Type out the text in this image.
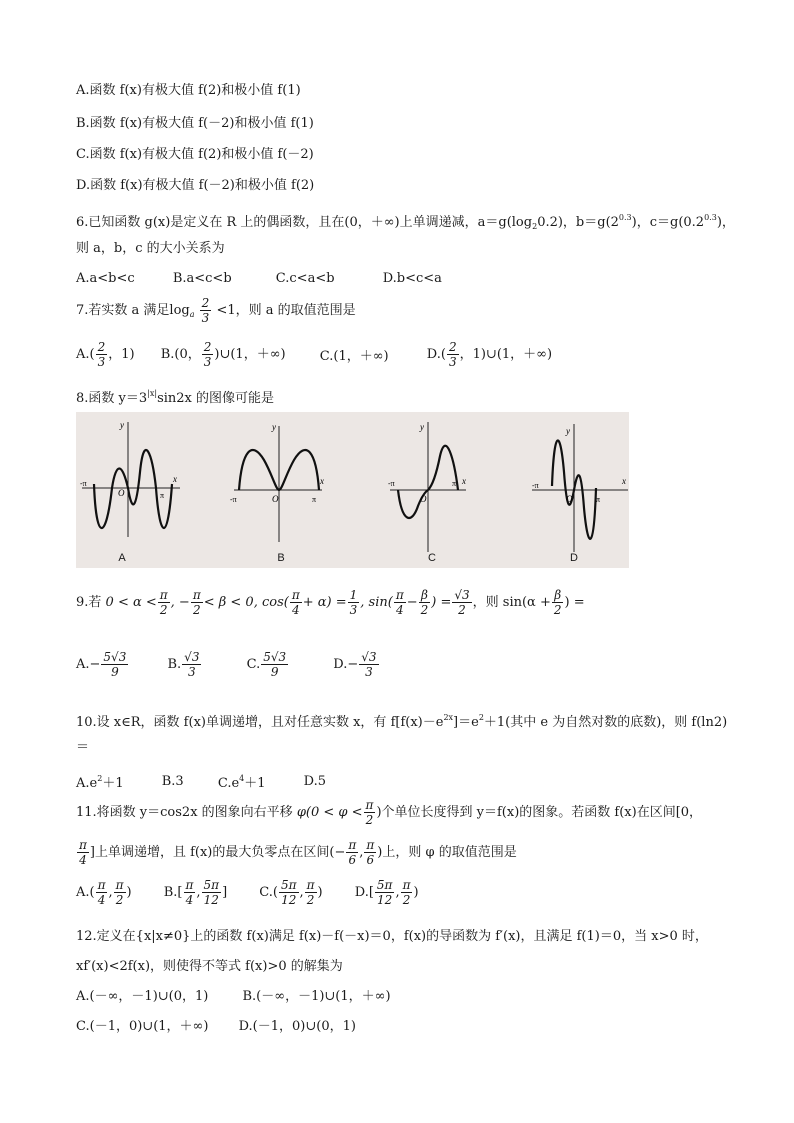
A.函数 f(x)有极大值 f(2)和极小值 f(1)
B.函数 f(x)有极大值 f(－2)和极小值 f(1)
C.函数 f(x)有极大值 f(2)和极小值 f(－2)
D.函数 f(x)有极大值 f(－2)和极小值 f(2)
6.已知函数 g(x)是定义在 R 上的偶函数，且在(0，＋∞)上单调递减，$a=g(\log_20.2)$，$b=g(2^{0.3})$，$c=g(0.2^{0.3})$，
则 a，b，c 的大小关系为
A.a<b<c	B.a<c<b	C.c<a<b	D.b<c<a
7.若实数 a 满足$\log_a \frac{2}{3} <1$，则 a 的取值范围是
$A.( \frac{2}{3}$ ，1) B.(0， $\frac{2}{3}$ )∪(1，＋∞)	C.(1，＋∞)	$D.( \frac{2}{3}$ ，1)∪(1，＋∞)
8.函数 $y=3^{|x|}\sin 2x$ 的图像可能是
x
y
O
-π
π
A
x
y
O
-π	π
B
x
y
O
-π	π
C
x
y
O
-π
π
D
9.若 $0 < \alpha < \frac{\pi}{2}$ , − $\frac{\pi}{2} < \beta < 0$, $\cos( \frac{\pi}{4} + \alpha) = \frac{1}{3}$ , $\sin( \frac{\pi}{4} - \frac{\beta}{2}$ ) = $\frac{√3}{2}$ ，则 $\sin(\alpha + \frac{\beta}{2}$ ) =
$A.- \frac{5√3}{9}$	B. $\frac{√3}{3}$	C. $\frac{5√3}{9}$	$D.- \frac{√3}{3}$
10.设 x∈R，函数 f(x)单调递增，且对任意实数 x，有 $f[f(x)-e^{2x}]=e^2+1$(其中 e 为自然对数的底数)，则 f(ln2)
＝
$A.e^2+1$	B.3	$C.e^4+1$	D.5
11.将函数 y＝cos2x 的图象向右平移 $\varphi(0 < \varphi < \frac{\pi}{2}$ )个单位长度得到 y＝f(x)的图象。若函数 f(x)在区间[0，
$\frac{\pi}{4}$ ]上单调递增，且 f(x)的最大负零点在区间(− $\frac{\pi}{6}$ , $\frac{\pi}{6}$ )上，则 φ 的取值范围是
$A.( \frac{\pi}{4}$ , $\frac{\pi}{2}$ ) $B.[ \frac{\pi}{4}$ , $\frac{5\pi}{12}$ ] $C.( \frac{5\pi}{12}$ , $\frac{\pi}{2}$ ) $D.[ \frac{5\pi}{12}$ , $\frac{\pi}{2}$ )
12.定义在{x|x≠0}上的函数 f(x)满足 f(x)－f(－x)＝0，f(x)的导函数为 f′(x)，且满足 f(1)＝0，当 x>0 时，
xf′(x)<2f(x)，则使得不等式 f(x)>0 的解集为
A.(－∞，－1)∪(0，1)	B.(－∞，－1)∪(1，＋∞)
C.(－1，0)∪(1，＋∞) D.(－1，0)∪(0，1)
